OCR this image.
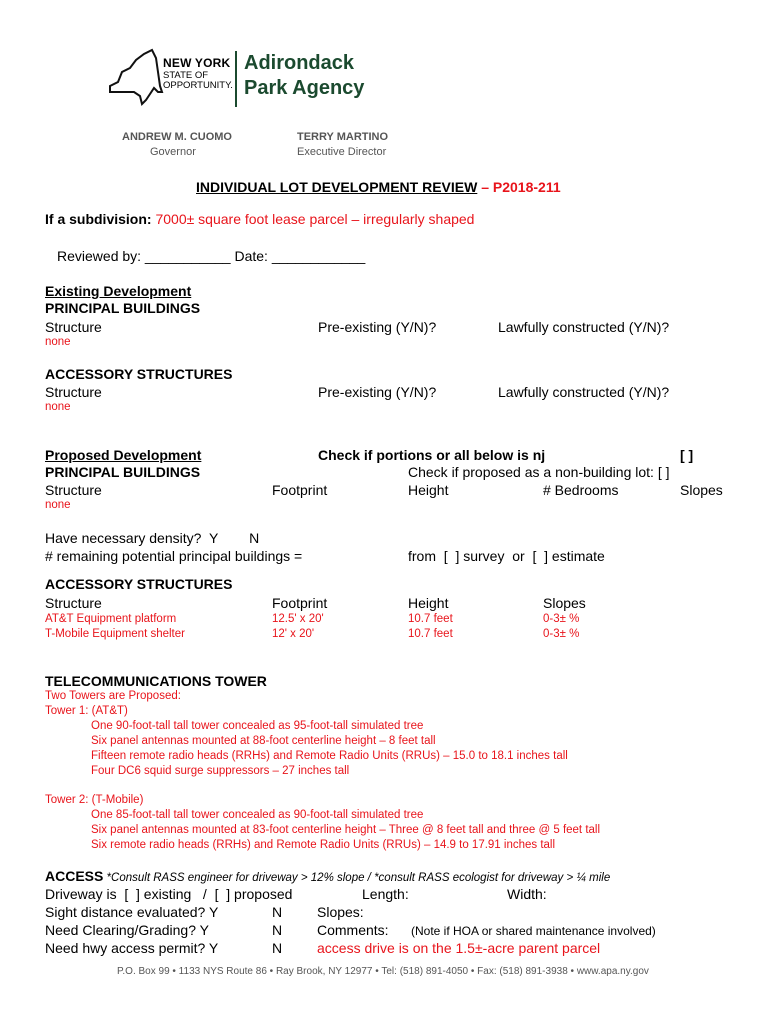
NEW YORK
STATE OF
OPPORTUNITY.
Adirondack
Park Agency
ANDREW M. CUOMO
Governor
TERRY MARTINO
Executive Director
INDIVIDUAL LOT DEVELOPMENT REVIEW – P2018-211
If a subdivision: 7000± square foot lease parcel – irregularly shaped
Reviewed by: ___________ Date: ____________
Existing Development
PRINCIPAL BUILDINGS
Structure	Pre-existing (Y/N)?	Lawfully constructed (Y/N)?
none
ACCESSORY STRUCTURES
Structure	Pre-existing (Y/N)?	Lawfully constructed (Y/N)?
none
Proposed Development	Check if portions or all below is nj	[ ]
PRINCIPAL BUILDINGS	Check if proposed as a non-building lot: [ ]
Structure	Footprint	Height	# Bedrooms	Slopes
none
Have necessary density?  Y        N
# remaining potential principal buildings =	from  [  ] survey  or  [  ] estimate
ACCESSORY STRUCTURES
Structure	Footprint	Height	Slopes
AT&T Equipment platform	12.5' x 20'	10.7 feet	0-3± %
T-Mobile Equipment shelter	12' x 20'	10.7 feet	0-3± %
TELECOMMUNICATIONS TOWER
Two Towers are Proposed:
Tower 1: (AT&T)
One 90-foot-tall tall tower concealed as 95-foot-tall simulated tree
Six panel antennas mounted at 88-foot centerline height – 8 feet tall
Fifteen remote radio heads (RRHs) and Remote Radio Units (RRUs) – 15.0 to 18.1 inches tall
Four DC6 squid surge suppressors – 27 inches tall
Tower 2: (T-Mobile)
One 85-foot-tall tall tower concealed as 90-foot-tall simulated tree
Six panel antennas mounted at 83-foot centerline height – Three @ 8 feet tall and three @ 5 feet tall
Six remote radio heads (RRHs) and Remote Radio Units (RRUs) – 14.9 to 17.91 inches tall
ACCESS *Consult RASS engineer for driveway > 12% slope / *consult RASS ecologist for driveway > ¼ mile
Driveway is  [  ] existing   /  [  ] proposed	Length:	Width:
Sight distance evaluated? Y	N Slopes:
Need Clearing/Grading? Y	N Comments: (Note if HOA or shared maintenance involved)
Need hwy access permit? Y	N access drive is on the 1.5±-acre parent parcel
P.O. Box 99 • 1133 NYS Route 86 • Ray Brook, NY 12977 • Tel: (518) 891-4050 • Fax: (518) 891-3938 • www.apa.ny.gov
